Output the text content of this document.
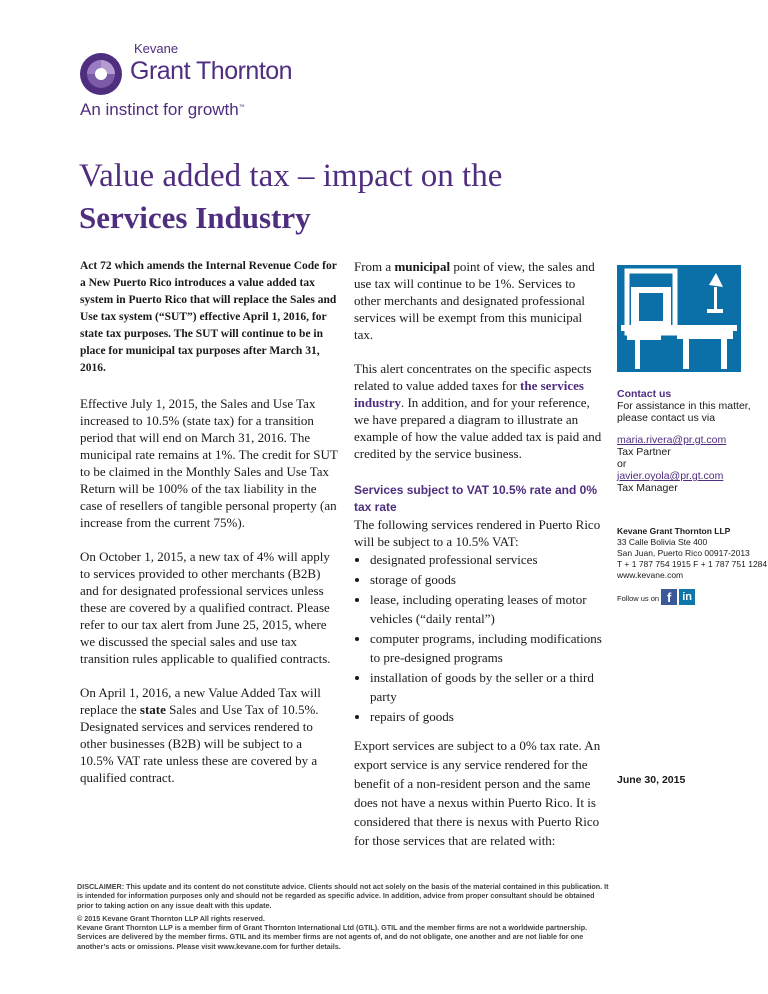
Kevane
Grant Thornton
An instinct for growth™
Value added tax – impact on the
Services Industry

Act 72 which amends the Internal Revenue Code for a New Puerto Rico introduces a value added tax system in Puerto Rico that will replace the Sales and Use tax system (“SUT”) effective April 1, 2016, for state tax purposes. The SUT will continue to be in place for municipal tax purposes after March 31, 2016.

Effective July 1, 2015, the Sales and Use Tax increased to 10.5% (state tax) for a transition period that will end on March 31, 2016. The municipal rate remains at 1%. The credit for SUT to be claimed in the Monthly Sales and Use Tax Return will be 100% of the tax liability in the case of resellers of tangible personal property (an increase from the current 75%).

On October 1, 2015, a new tax of 4% will apply to services provided to other merchants (B2B) and for designated professional services unless these are covered by a qualified contract. Please refer to our tax alert from June 25, 2015, where we discussed the special sales and use tax transition rules applicable to qualified contracts.

On April 1, 2016, a new Value Added Tax will replace the state Sales and Use Tax of 10.5%. Designated services and services rendered to other businesses (B2B) will be subject to a 10.5% VAT rate unless these are covered by a qualified contract.

From a municipal point of view, the sales and use tax will continue to be 1%. Services to other merchants and designated professional services will be exempt from this municipal tax.

This alert concentrates on the specific aspects related to value added taxes for the services industry. In addition, and for your reference, we have prepared a diagram to illustrate an example of how the value added tax is paid and credited by the service business.

Services subject to VAT 10.5% rate and 0% tax rate
The following services rendered in Puerto Rico will be subject to a 10.5% VAT:
• designated professional services
• storage of goods
• lease, including operating leases of motor vehicles (“daily rental”)
• computer programs, including modifications to pre-designed programs
• installation of goods by the seller or a third party
• repairs of goods

Export services are subject to a 0% tax rate. An export service is any service rendered for the benefit of a non-resident person and the same does not have a nexus within Puerto Rico. It is considered that there is nexus with Puerto Rico for those services that are related with:

Contact us
For assistance in this matter, please contact us via
maria.rivera@pr.gt.com
Tax Partner
or
javier.oyola@pr.gt.com
Tax Manager
Kevane Grant Thornton LLP
33 Calle Bolivia Ste 400
San Juan, Puerto Rico 00917-2013
T + 1 787 754 1915 F + 1 787 751 1284
www.kevane.com
Follow us on f in
June 30, 2015

DISCLAIMER: This update and its content do not constitute advice. Clients should not act solely on the basis of the material contained in this publication. It is intended for information purposes only and should not be regarded as specific advice. In addition, advice from proper consultant should be obtained prior to taking action on any issue dealt with this update.

© 2015 Kevane Grant Thornton LLP All rights reserved.
Kevane Grant Thornton LLP is a member firm of Grant Thornton International Ltd (GTIL). GTIL and the member firms are not a worldwide partnership. Services are delivered by the member firms. GTIL and its member firms are not agents of, and do not obligate, one another and are not liable for one another’s acts or omissions. Please visit www.kevane.com for further details.
